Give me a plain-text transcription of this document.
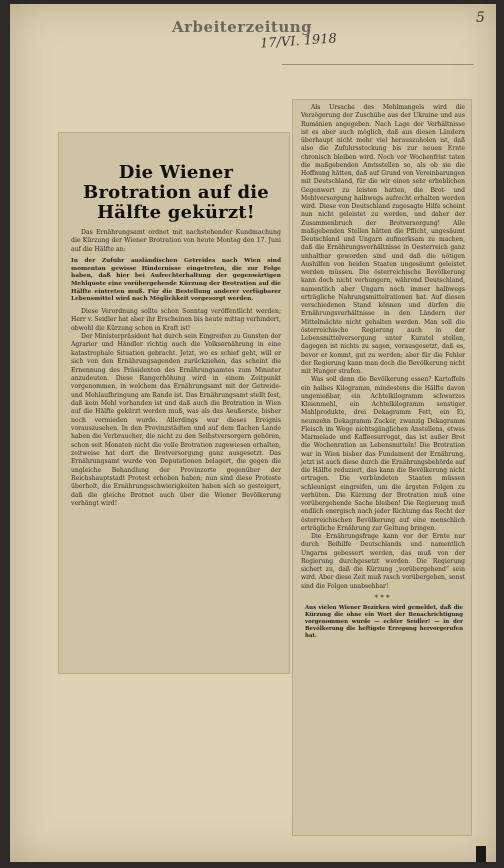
Arbeiterzeitung
17/VI. 1918
5
Die Wiener Brotration auf die Hälfte gekürzt!

Das Ernährungsamt ordnet mit nachstehender Kundmachung die Kürzung der Wiener Brotration von heute Montag den 17. Juni auf die Hälfte an:

In der Zufuhr ausländischen Getreides nach Wien sind momentan gewisse Hindernisse eingetreten, die zur Folge haben, daß hier bei Aufrechterhaltung der gegenwärtigen Mehlquote eine vorübergehende Kürzung der Brotration auf die Hälfte eintreten muß. Für die Bestellung anderer verfügbarer Lebensmittel wird nach Möglichkeit vorgesorgt werden.

Diese Verordnung sollte schon Sonntag veröffentlicht werden; Herr v. Seidler hat aber ihr Erscheinen bis heute mittag verhindert, obwohl die Kürzung schon in Kraft ist!

Der Ministerpräsident hat durch sein Eingreifen zu Gunsten der Agrarier und Händler richtig auch die Volksernährung in eine katastrophale Situation gebracht. Jetzt, wo es schief geht, will er sich von den Ernährungsagenden zurückziehen, das scheint die Ernennung des Präsidenten des Ernährungsamtes zum Minister anzudeuten. Diese Rangerhöhung wird in einem Zeitpunkt vorgenommen, in welchem das Ernährungsamt mit der Getreide- und Mehlaufbringung am Rande ist. Das Ernährungsamt stellt fest, daß kein Mehl vorhanden ist und daß auch die Brotration in Wien auf die Hälfte gekürzt werden muß, was als das Aeußerste, bisher noch vermieden wurde. Allerdings war dieses Ereignis vorauszusehen. In den Provinzstädten und auf dem flachen Lande haben die Verbraucher, die nicht zu den Selbstversorgern gehören, schon seit Monaten nicht die volle Brotration zugewiesen erhalten, zeitweise hat dort die Brotversorgung ganz ausgesetzt. Das Ernährungsamt wurde von Deputationen belagert, die gegen die ungleiche Behandlung der Provinzorte gegenüber der Reichshauptstadt Protest erhoben haben; nun sind diese Proteste überholt, die Ernährungsschwierigkeiten haben sich so gesteigert, daß die gleiche Brotnot auch über die Wiener Bevölkerung verhängt wird!

Als Ursache des Mehlmangels wird die Verzögerung der Zuschübe aus der Ukraine und aus Rumänien angegeben. Nach Lage der Verhältnisse ist es aber auch möglich, daß aus diesen Ländern überhaupt nicht mehr viel herauszuholen ist, daß also die Zufuhrsstockung bis zur neuen Ernte chronisch bleiben wird. Noch vor Wochenfrist taten die maßgebenden Amtsstellen so, als ob sie die Hoffnung hätten, daß auf Grund von Vereinbarungen mit Deutschland, für die wir einen sehr erheblichen Gegenwert zu leisten hatten, die Brot- und Mehlversorgung halbwegs aufrecht erhalten werden wird. Diese von Deutschland zugesagte Hilfe scheint nun nicht geleistet zu werden, und daher der Zusammenbruch der Brotversorgung! Alle maßgebenden Stellen hätten die Pflicht, ungesäumt Deutschland und Ungarn aufmerksam zu machen, daß die Ernährungsverhältnisse in Oesterreich ganz unhaltbar geworden sind und daß die nötigen Aushilfen von beiden Staaten ungesäumt geleistet werden müssen. Die österreichische Bevölkerung kann doch nicht verhungern, während Deutschland, namentlich aber Ungarn noch immer halbwegs erträgliche Nahrungsmittelrationen hat. Auf diesen verschiedenen Stand können und dürfen die Ernährungsverhältnisse in den Ländern der Mittelmächte nicht gehalten werden. Man soll die österreichische Regierung auch in der Lebensmittelversorgung unter Kuratel stellen, dagegen ist nichts zu sagen, vorausgesetzt, daß es, bevor er kommt, gut zu werden; aber für die Fehler der Regierung kann man doch die Bevölkerung nicht mit Hunger strafen.

Was soll denn die Bevölkerung essen? Kartoffeln ein halbes Kilogramm, mindestens die Hälfte davon ungenießbar, ein Achtelkilogramm schwarzes Kleienmehl, ein Achtelkilogramm sonstiger Mahlprodukte, drei Dekagramm Fett, ein Ei, neunzehn Dekagramm Zucker, zwanzig Dekagramm Fleisch im Wege nichtsgänglichen Anstellens, etwas Marmelade und Kaffeesurrogat, das ist außer Brot die Wochenration an Lebensmitteln! Die Brotration war in Wien bisher das Fundament der Ernährung, jetzt ist auch diese durch die Ernährungsbehörde auf die Hälfte reduziert, das kann die Bevölkerung nicht ertragen. Die verbündeten Staaten müssen schleunigst eingreifen, um die ärgsten Folgen zu verhüten. Die Kürzung der Brotration muß eine vorübergehende Sache bleiben! Die Regierung muß endlich energisch nach jeder Richtung das Recht der österreichischen Bevölkerung auf eine menschlich erträgliche Ernährung zur Geltung bringen.

Die Ernährungsfrage kann vor der Ernte nur durch Beihilfe Deutschlands und namentlich Ungarns gebessert werden, das muß von der Regierung durchgesetzt werden. Die Regierung sichert zu, daß die Kürzung „vorübergehend“ sein wird. Aber diese Zeit muß rasch vorübergehen, sonst sind die Folgen unabsehbar!

* * *

Aus vielen Wiener Bezirken wird gemeldet, daß die Kürzung die ohne ein Wort der Benachrichtigung vorgenommen wurde — echter Seidler! — in der Bevölkerung die heftigste Erregung hervorgerufen hat.
